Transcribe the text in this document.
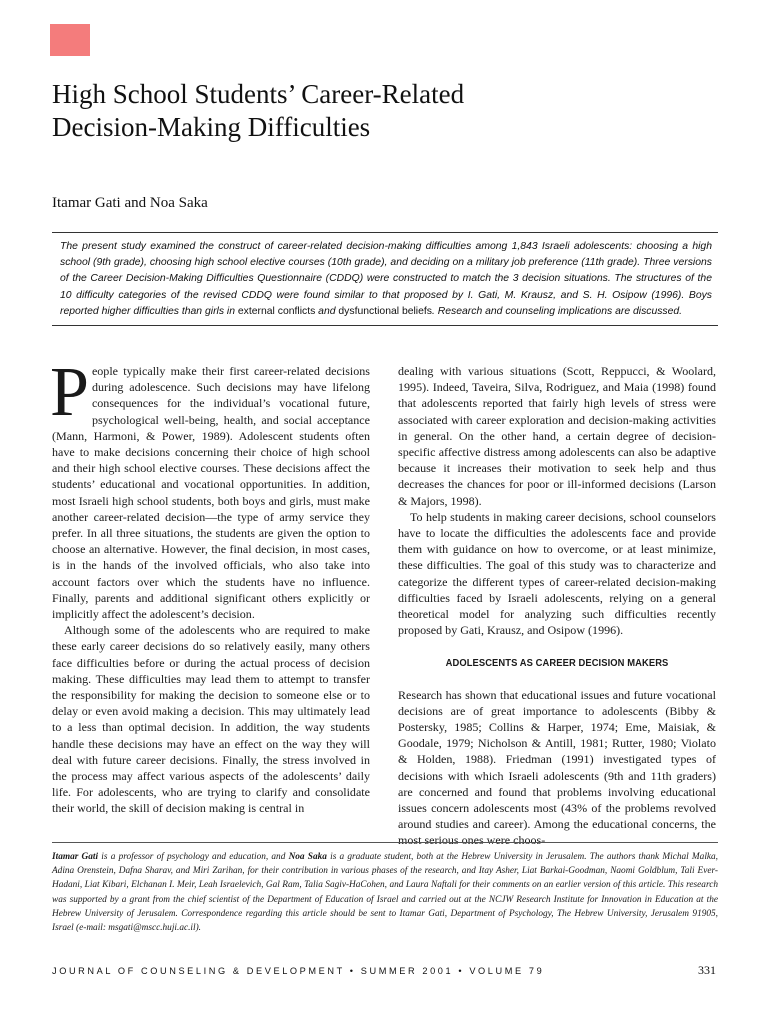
High School Students’ Career-Related
Decision-Making Difficulties
Itamar Gati and Noa Saka
The present study examined the construct of career-related decision-making difficulties among 1,843 Israeli adolescents: choosing a high school (9th grade), choosing high school elective courses (10th grade), and deciding on a military job preference (11th grade). Three versions of the Career Decision-Making Difficulties Questionnaire (CDDQ) were constructed to match the 3 decision situations. The structures of the 10 difficulty categories of the revised CDDQ were found similar to that proposed by I. Gati, M. Krausz, and S. H. Osipow (1996). Boys reported higher difficulties than girls in external conflicts and dysfunctional beliefs. Research and counseling implications are discussed.

People typically make their first career-related decisions during adolescence. Such decisions may have lifelong consequences for the individual’s vocational future, psychological well-being, health, and social acceptance (Mann, Harmoni, & Power, 1989). Adolescent students often have to make decisions concerning their choice of high school and their high school elective courses. These decisions affect the students’ educational and vocational opportunities. In addition, most Israeli high school students, both boys and girls, must make another career-related decision—the type of army service they prefer. In all three situations, the students are given the option to choose an alternative. However, the final decision, in most cases, is in the hands of the involved officials, who also take into account factors over which the students have no influence. Finally, parents and additional significant others explicitly or implicitly affect the adolescent’s decision.

Although some of the adolescents who are required to make these early career decisions do so relatively easily, many others face difficulties before or during the actual process of decision making. These difficulties may lead them to attempt to transfer the responsibility for making the decision to someone else or to delay or even avoid making a decision. This may ultimately lead to a less than optimal decision. In addition, the way students handle these decisions may have an effect on the way they will deal with future career decisions. Finally, the stress involved in the process may affect various aspects of the adolescents’ daily life. For adolescents, who are trying to clarify and consolidate their world, the skill of decision making is central in

dealing with various situations (Scott, Reppucci, & Woolard, 1995). Indeed, Taveira, Silva, Rodriguez, and Maia (1998) found that adolescents reported that fairly high levels of stress were associated with career exploration and decision-making activities in general. On the other hand, a certain degree of decision-specific affective distress among adolescents can also be adaptive because it increases their motivation to seek help and thus decreases the chances for poor or ill-informed decisions (Larson & Majors, 1998).

To help students in making career decisions, school counselors have to locate the difficulties the adolescents face and provide them with guidance on how to overcome, or at least minimize, these difficulties. The goal of this study was to characterize and categorize the different types of career-related decision-making difficulties faced by Israeli adolescents, relying on a general theoretical model for analyzing such difficulties recently proposed by Gati, Krausz, and Osipow (1996).

ADOLESCENTS AS CAREER DECISION MAKERS

Research has shown that educational issues and future vocational decisions are of great importance to adolescents (Bibby & Postersky, 1985; Collins & Harper, 1974; Eme, Maisiak, & Goodale, 1979; Nicholson & Antill, 1981; Rutter, 1980; Violato & Holden, 1988). Friedman (1991) investigated types of decisions with which Israeli adolescents (9th and 11th graders) are concerned and found that problems involving educational issues concern adolescents most (43% of the problems revolved around studies and career). Among the educational concerns, the most serious ones were choos-

Itamar Gati is a professor of psychology and education, and Noa Saka is a graduate student, both at the Hebrew University in Jerusalem. The authors thank Michal Malka, Adina Orenstein, Dafna Sharav, and Miri Zarihan, for their contribution in various phases of the research, and Itay Asher, Liat Barkai-Goodman, Naomi Goldblum, Tali Ever-Hadani, Liat Kibari, Elchanan I. Meir, Leah Israelevich, Gal Ram, Talia Sagiv-HaCohen, and Laura Naftali for their comments on an earlier version of this article. This research was supported by a grant from the chief scientist of the Department of Education of Israel and carried out at the NCJW Research Institute for Innovation in Education at the Hebrew University of Jerusalem. Correspondence regarding this article should be sent to Itamar Gati, Department of Psychology, The Hebrew University, Jerusalem 91905, Israel (e-mail: msgati@mscc.huji.ac.il).
JOURNAL OF COUNSELING & DEVELOPMENT • SUMMER 2001 • VOLUME 79	331
